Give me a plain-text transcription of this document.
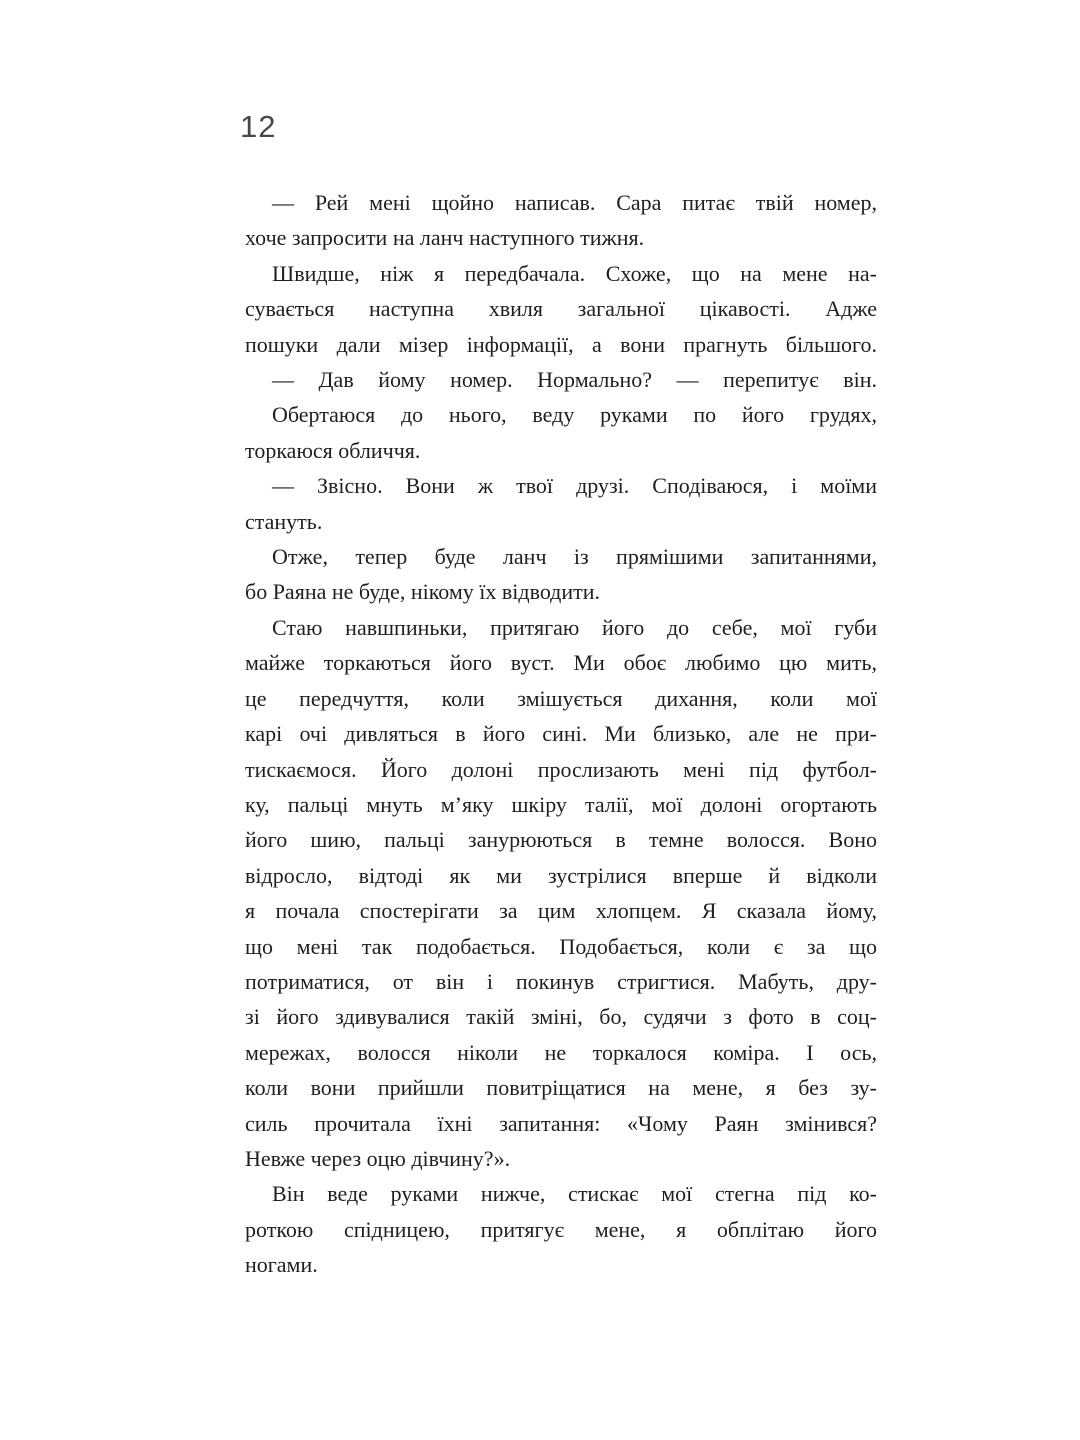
12
— Рей мені щойно написав. Сара питає твій номер,
хоче запросити на ланч наступного тижня.
Швидше, ніж я передбачала. Схоже, що на мене на-
сувається наступна хвиля загальної цікавості. Адже
пошуки дали мізер інформації, а вони прагнуть більшого.
— Дав йому номер. Нормально? — перепитує він.
Обертаюся до нього, веду руками по його грудях,
торкаюся обличчя.
— Звісно. Вони ж твої друзі. Сподіваюся, і моїми
стануть.
Отже, тепер буде ланч із прямішими запитаннями,
бо Раяна не буде, нікому їх відводити.
Стаю навшпиньки, притягаю його до себе, мої губи
майже торкаються його вуст. Ми обоє любимо цю мить,
це передчуття, коли змішується дихання, коли мої
карі очі дивляться в його сині. Ми близько, але не при-
тискаємося. Його долоні прослизають мені під футбол-
ку, пальці мнуть м’яку шкіру талії, мої долоні огортають
його шию, пальці занурюються в темне волосся. Воно
відросло, відтоді як ми зустрілися вперше й відколи
я почала спостерігати за цим хлопцем. Я сказала йому,
що мені так подобається. Подобається, коли є за що
потриматися, от він і покинув стригтися. Мабуть, дру-
зі його здивувалися такій зміні, бо, судячи з фото в соц-
мережах, волосся ніколи не торкалося коміра. І ось,
коли вони прийшли повитріщатися на мене, я без зу-
силь прочитала їхні запитання: «Чому Раян змінився?
Невже через оцю дівчину?».
Він веде руками нижче, стискає мої стегна під ко-
роткою спідницею, притягує мене, я обплітаю його
ногами.
